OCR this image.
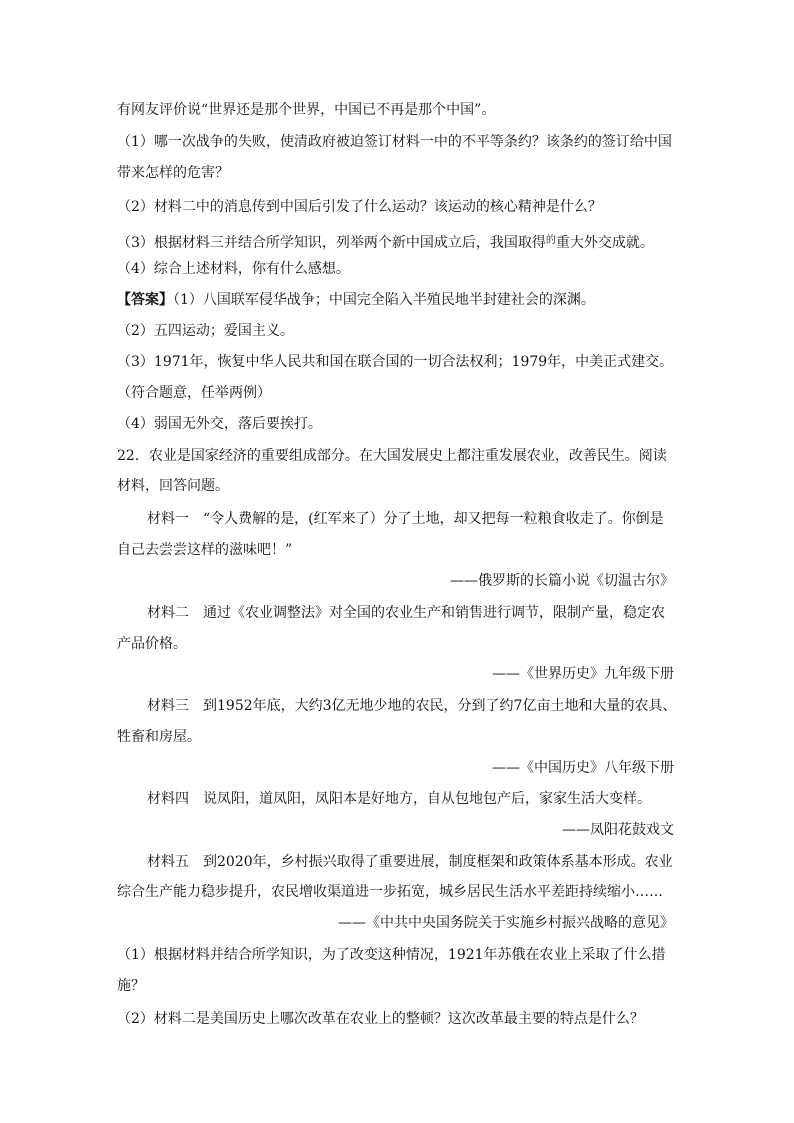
有网友评价说“世界还是那个世界，中国已不再是那个中国”。
（1）哪一次战争的失败，使清政府被迫签订材料一中的不平等条约？该条约的签订给中国
带来怎样的危害？
（2）材料二中的消息传到中国后引发了什么运动？该运动的核心精神是什么？
（3）根据材料三并结合所学知识，列举两个新中国成立后，我国取得$^的$重大外交成就。
（4）综合上述材料，你有什么感想。
【答案】（1）八国联军侵华战争；中国完全陷入半殖民地半封建社会的深渊。
（2）五四运动；爱国主义。
（3）1971年，恢复中华人民共和国在联合国的一切合法权利；1979年，中美正式建交。
（符合题意，任举两例）
（4）弱国无外交，落后要挨打。
22．农业是国家经济的重要组成部分。在大国发展史上都注重发展农业，改善民生。阅读
材料，回答问题。
材料一　“令人费解的是，(红军来了）分了土地，却又把每一粒粮食收走了。你倒是
自己去尝尝这样的滋味吧！”
——俄罗斯的长篇小说《切温古尔》
材料二　通过《农业调整法》对全国的农业生产和销售进行调节，限制产量，稳定农
产品价格。
——《世界历史》九年级下册
材料三　到1952年底，大约3亿无地少地的农民，分到了约7亿亩土地和大量的农具、
牲畜和房屋。
——《中国历史》八年级下册
材料四　说凤阳，道凤阳，凤阳本是好地方，自从包地包产后，家家生活大变样。
——凤阳花鼓戏文
材料五　到2020年，乡村振兴取得了重要进展，制度框架和政策体系基本形成。农业
综合生产能力稳步提升，农民增收渠道进一步拓宽，城乡居民生活水平差距持续缩小……
——《中共中央国务院关于实施乡村振兴战略的意见》
（1）根据材料并结合所学知识，为了改变这种情况，1921年苏俄在农业上采取了什么措
施？
（2）材料二是美国历史上哪次改革在农业上的整顿？这次改革最主要的特点是什么？
